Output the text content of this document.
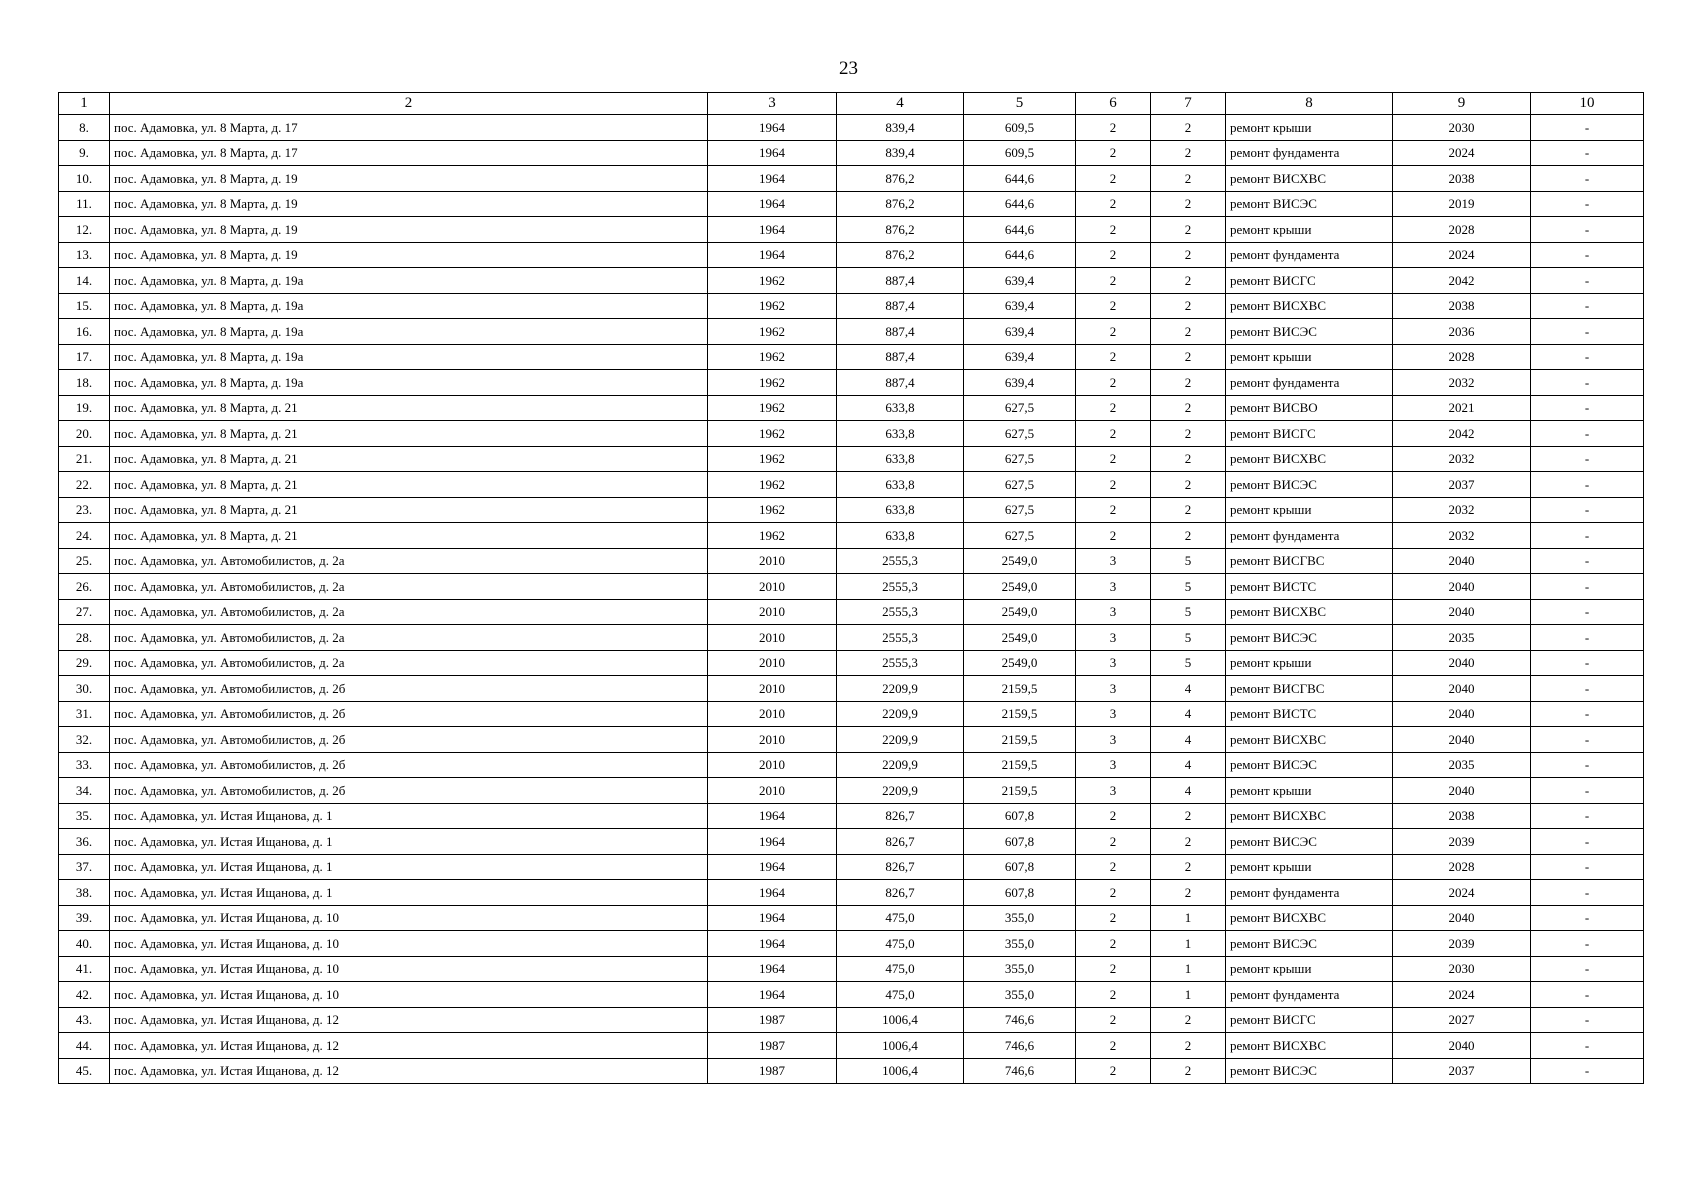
23
1	2	3	4	5	6	7	8	9	10
8.	пос. Адамовка, ул. 8 Марта, д. 17	1964	839,4	609,5	2	2	ремонт крыши	2030	-
9.	пос. Адамовка, ул. 8 Марта, д. 17	1964	839,4	609,5	2	2	ремонт фундамента	2024	-
10.	пос. Адамовка, ул. 8 Марта, д. 19	1964	876,2	644,6	2	2	ремонт ВИСХВС	2038	-
11.	пос. Адамовка, ул. 8 Марта, д. 19	1964	876,2	644,6	2	2	ремонт ВИСЭС	2019	-
12.	пос. Адамовка, ул. 8 Марта, д. 19	1964	876,2	644,6	2	2	ремонт крыши	2028	-
13.	пос. Адамовка, ул. 8 Марта, д. 19	1964	876,2	644,6	2	2	ремонт фундамента	2024	-
14.	пос. Адамовка, ул. 8 Марта, д. 19а	1962	887,4	639,4	2	2	ремонт ВИСГС	2042	-
15.	пос. Адамовка, ул. 8 Марта, д. 19а	1962	887,4	639,4	2	2	ремонт ВИСХВС	2038	-
16.	пос. Адамовка, ул. 8 Марта, д. 19а	1962	887,4	639,4	2	2	ремонт ВИСЭС	2036	-
17.	пос. Адамовка, ул. 8 Марта, д. 19а	1962	887,4	639,4	2	2	ремонт крыши	2028	-
18.	пос. Адамовка, ул. 8 Марта, д. 19а	1962	887,4	639,4	2	2	ремонт фундамента	2032	-
19.	пос. Адамовка, ул. 8 Марта, д. 21	1962	633,8	627,5	2	2	ремонт ВИСВО	2021	-
20.	пос. Адамовка, ул. 8 Марта, д. 21	1962	633,8	627,5	2	2	ремонт ВИСГС	2042	-
21.	пос. Адамовка, ул. 8 Марта, д. 21	1962	633,8	627,5	2	2	ремонт ВИСХВС	2032	-
22.	пос. Адамовка, ул. 8 Марта, д. 21	1962	633,8	627,5	2	2	ремонт ВИСЭС	2037	-
23.	пос. Адамовка, ул. 8 Марта, д. 21	1962	633,8	627,5	2	2	ремонт крыши	2032	-
24.	пос. Адамовка, ул. 8 Марта, д. 21	1962	633,8	627,5	2	2	ремонт фундамента	2032	-
25.	пос. Адамовка, ул. Автомобилистов, д. 2а	2010	2555,3	2549,0	3	5	ремонт ВИСГВС	2040	-
26.	пос. Адамовка, ул. Автомобилистов, д. 2а	2010	2555,3	2549,0	3	5	ремонт ВИСТС	2040	-
27.	пос. Адамовка, ул. Автомобилистов, д. 2а	2010	2555,3	2549,0	3	5	ремонт ВИСХВС	2040	-
28.	пос. Адамовка, ул. Автомобилистов, д. 2а	2010	2555,3	2549,0	3	5	ремонт ВИСЭС	2035	-
29.	пос. Адамовка, ул. Автомобилистов, д. 2а	2010	2555,3	2549,0	3	5	ремонт крыши	2040	-
30.	пос. Адамовка, ул. Автомобилистов, д. 2б	2010	2209,9	2159,5	3	4	ремонт ВИСГВС	2040	-
31.	пос. Адамовка, ул. Автомобилистов, д. 2б	2010	2209,9	2159,5	3	4	ремонт ВИСТС	2040	-
32.	пос. Адамовка, ул. Автомобилистов, д. 2б	2010	2209,9	2159,5	3	4	ремонт ВИСХВС	2040	-
33.	пос. Адамовка, ул. Автомобилистов, д. 2б	2010	2209,9	2159,5	3	4	ремонт ВИСЭС	2035	-
34.	пос. Адамовка, ул. Автомобилистов, д. 2б	2010	2209,9	2159,5	3	4	ремонт крыши	2040	-
35.	пос. Адамовка, ул. Истая Ищанова, д. 1	1964	826,7	607,8	2	2	ремонт ВИСХВС	2038	-
36.	пос. Адамовка, ул. Истая Ищанова, д. 1	1964	826,7	607,8	2	2	ремонт ВИСЭС	2039	-
37.	пос. Адамовка, ул. Истая Ищанова, д. 1	1964	826,7	607,8	2	2	ремонт крыши	2028	-
38.	пос. Адамовка, ул. Истая Ищанова, д. 1	1964	826,7	607,8	2	2	ремонт фундамента	2024	-
39.	пос. Адамовка, ул. Истая Ищанова, д. 10	1964	475,0	355,0	2	1	ремонт ВИСХВС	2040	-
40.	пос. Адамовка, ул. Истая Ищанова, д. 10	1964	475,0	355,0	2	1	ремонт ВИСЭС	2039	-
41.	пос. Адамовка, ул. Истая Ищанова, д. 10	1964	475,0	355,0	2	1	ремонт крыши	2030	-
42.	пос. Адамовка, ул. Истая Ищанова, д. 10	1964	475,0	355,0	2	1	ремонт фундамента	2024	-
43.	пос. Адамовка, ул. Истая Ищанова, д. 12	1987	1006,4	746,6	2	2	ремонт ВИСГС	2027	-
44.	пос. Адамовка, ул. Истая Ищанова, д. 12	1987	1006,4	746,6	2	2	ремонт ВИСХВС	2040	-
45.	пос. Адамовка, ул. Истая Ищанова, д. 12	1987	1006,4	746,6	2	2	ремонт ВИСЭС	2037	-
